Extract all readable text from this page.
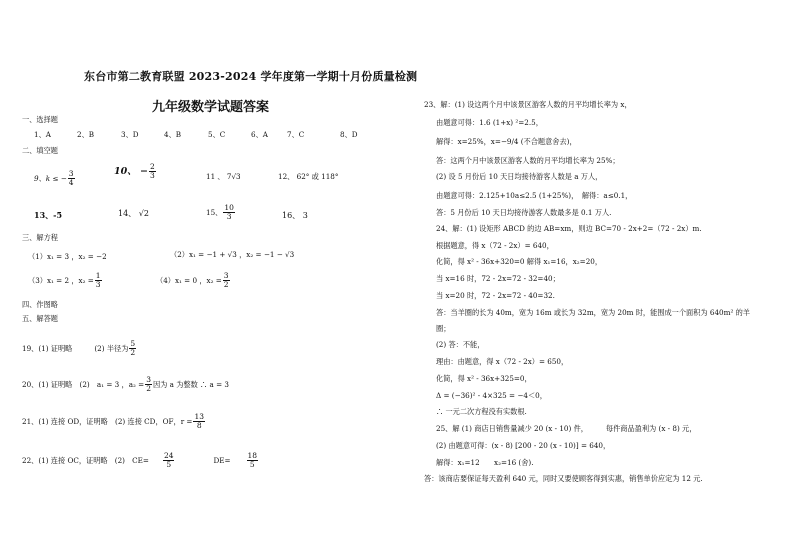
东台市第二教育联盟 2023-2024 学年度第一学期十月份质量检测
九年级数学试题答案
一、选择题
1、A	2、B	3、D	4、B	5、C	6、A	7、C	8、D
二、填空题
9、k ≤ − $\frac{3}{4}$	10、 − $\frac{2}{3}$	11 、 7√3	12、 62° 或 118°
13、-5	14、 √2	15、 $\frac{10}{3}$	16、 3
三、解方程
（1）x₁ = 3 ，x₂ = −2	（2）x₁ = −1 + √3 ，x₂ = −1 − √3
（3）x₁ = 2 ，$x_2 = \frac{1}{3}$	（4）x₁ = 0 ，$x_2 = \frac{3}{2}$
四、作图略
五、解答题
19、(1) 证明略	(2) 半径为 $\frac{5}{2}$
20、(1) 证明略　(2)　a₁ = 3 ，$a_2 = \frac{3}{2}$ 因为 a 为整数 ∴ a = 3
21、(1) 连接 OD，证明略　(2) 连接 CD，OF，$r = \frac{13}{8}$
22、(1) 连接 OC，证明略　(2)　$CE= \frac{24}{5}$	$DE= \frac{18}{5}$
23、解：(1) 设这两个月中该景区游客人数的月平均增长率为 x，
由题意可得：1.6 (1+x) ²=2.5，
解得：x=25%，x=−9/4 (不合题意舍去)，
答：这两个月中该景区游客人数的月平均增长率为 25%；
(2) 设 5 月份后 10 天日均接待游客人数是 a 万人，
由题意可得：2.125+10a≤2.5 (1+25%)，　解得：a≤0.1，
答：5 月份后 10 天日均接待游客人数最多是 0.1 万人.
24、解：(1) 设矩形 ABCD 的边 AB=xm，则边 BC=70 - 2x+2=（72 - 2x）m.
根据题意，得 x（72 - 2x）= 640，
化简，得 x² - 36x+320=0 解得 x₁=16，x₂=20，
当 x=16 时，72 - 2x=72 - 32=40；
当 x=20 时，72 - 2x=72 - 40=32.
答：当羊圈的长为 40m，宽为 16m 或长为 32m，宽为 20m 时，能围成一个面积为 640m² 的羊
圈；
(2) 答：不能，
理由：由题意，得 x（72 - 2x）= 650，
化简，得 x² - 36x+325=0，
Δ = (−36)² - 4×325 = −4＜0，
∴ 一元二次方程没有实数根.
25、解 (1) 商店日销售量减少 20 (x - 10) 件，　　　每件商品盈利为 (x - 8) 元，
(2) 由题意可得：(x - 8) [200 - 20 (x - 10)] = 640，
解得：x₁=12　　x₂=16 (舍).
答：该商店要保证每天盈利 640 元，同时又要使顾客得到实惠，销售单价应定为 12 元.
